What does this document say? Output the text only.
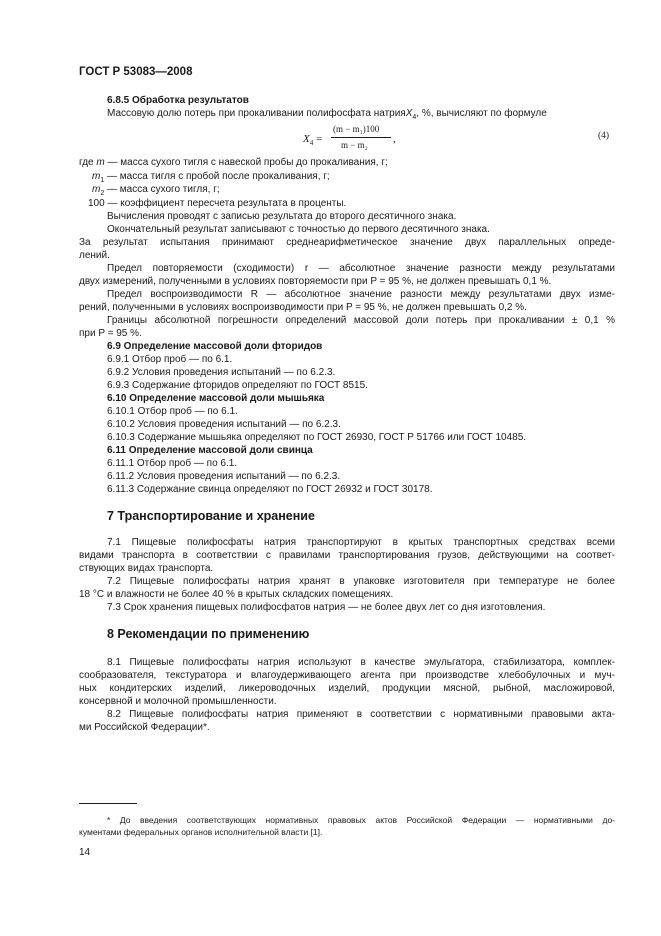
ГОСТ Р 53083—2008
6.8.5 Обработка результатов
Массовую долю потерь при прокаливании полифосфата натрияX$_4$, %, вычисляют по формуле
$X_4$ =
(m − m₁)100
m − m₂ ,	(4)
где m — масса сухого тигля с навеской пробы до прокаливания, г;
$m_1$ — масса тигля с пробой после прокаливания, г;
$m_2$ — масса сухого тигля, г;
100 — коэффициент пересчета результата в проценты.
Вычисления проводят с записью результата до второго десятичного знака.
Окончательный результат записывают с точностью до первого десятичного знака.
За результат испытания принимают среднеарифметическое значение двух параллельных опреде-
лений.
Предел повторяемости (сходимости) r — абсолютное значение разности между результатами
двух измерений, полученными в условиях повторяемости при P = 95 %, не должен превышать 0,1 %.
Предел воспроизводимости R — абсолютное значение разности между результатами двух изме-
рений, полученными в условиях воспроизводимости при P = 95 %, не должен превышать 0,2 %.
Границы абсолютной погрешности определений массовой доли потерь при прокаливании ± 0,1 %
при P = 95 %.
6.9 Определение массовой доли фторидов
6.9.1 Отбор проб — по 6.1.
6.9.2 Условия проведения испытаний — по 6.2.3.
6.9.3 Содержание фторидов определяют по ГОСТ 8515.
6.10 Определение массовой доли мышьяка
6.10.1 Отбор проб — по 6.1.
6.10.2 Условия проведения испытаний — по 6.2.3.
6.10.3 Содержание мышьяка определяют по ГОСТ 26930, ГОСТ Р 51766 или ГОСТ 10485.
6.11 Определение массовой доли свинца
6.11.1 Отбор проб — по 6.1.
6.11.2 Условия проведения испытаний — по 6.2.3.
6.11.3 Содержание свинца определяют по ГОСТ 26932 и ГОСТ 30178.
7 Транспортирование и хранение
7.1 Пищевые полифосфаты натрия транспортируют в крытых транспортных средствах всеми
видами транспорта в соответствии с правилами транспортирования грузов, действующими на соответ-
ствующих видах транспорта.
7.2 Пищевые полифосфаты натрия хранят в упаковке изготовителя при температуре не более
18 °С и влажности не более 40 % в крытых складских помещениях.
7.3 Срок хранения пищевых полифосфатов натрия — не более двух лет со дня изготовления.
8 Рекомендации по применению
8.1 Пищевые полифосфаты натрия используют в качестве эмульгатора, стабилизатора, комплек-
сообразователя, текстуратора и влагоудерживающего агента при производстве хлебобулочных и муч-
ных кондитерских изделий, ликероводочных изделий, продукции мясной, рыбной, масложировой,
консервной и молочной промышленности.
8.2 Пищевые полифосфаты натрия применяют в соответствии с нормативными правовыми акта-
ми Российской Федерации*.
* До введения соответствующих нормативных правовых актов Российской Федерации — нормативными до-
кументами федеральных органов исполнительной власти [1].
14
